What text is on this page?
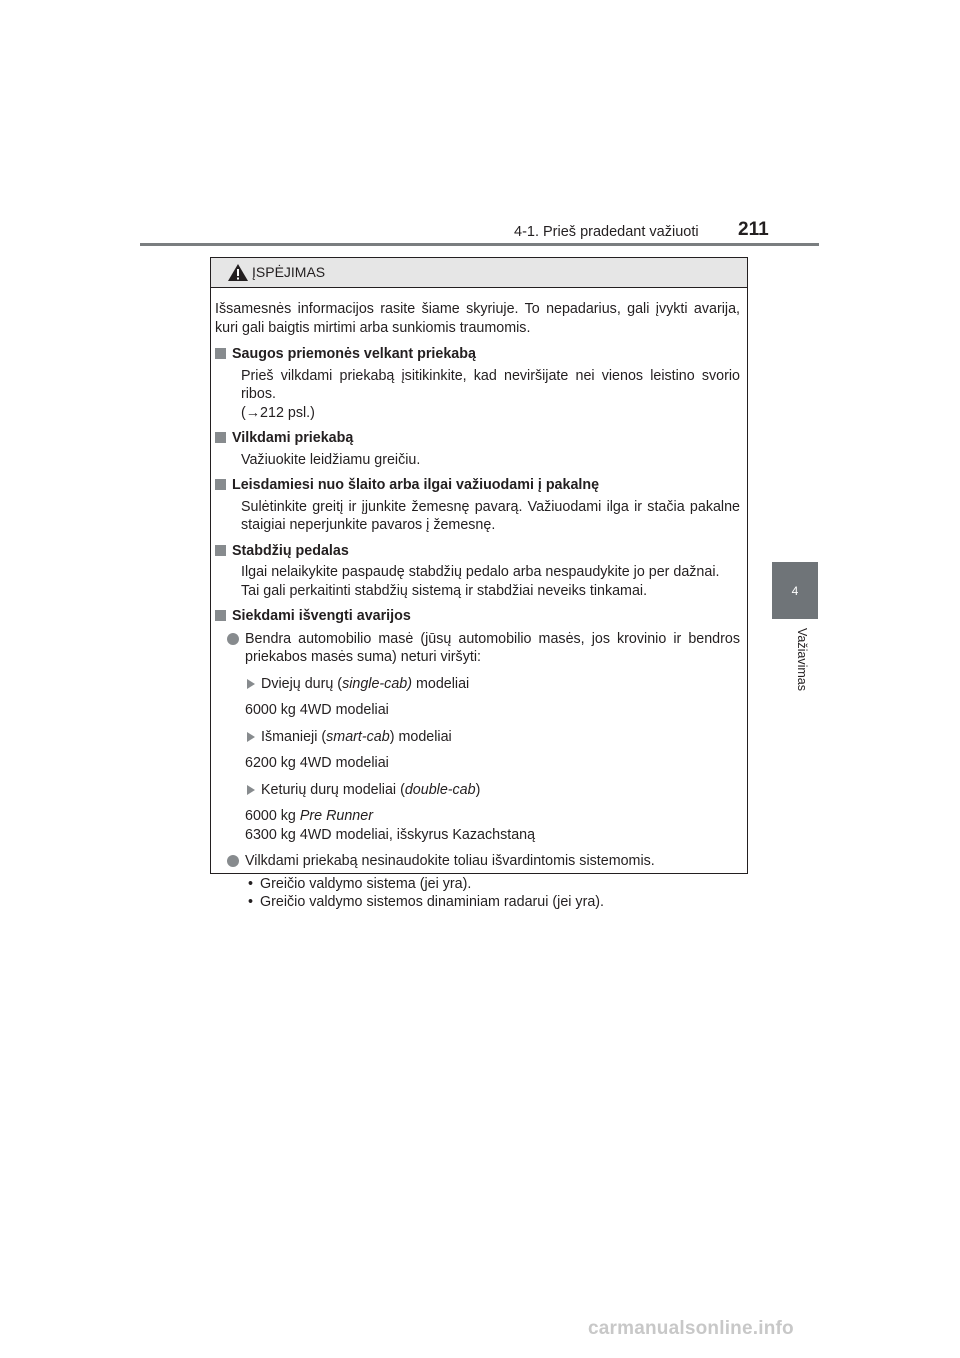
4-1. Prieš pradedant važiuoti 211
4
Važiavimas
ĮSPĖJIMAS

Išsamesnės informacijos rasite šiame skyriuje. To nepadarius, gali įvykti avarija, kuri gali baigtis mirtimi arba sunkiomis traumomis.

Saugos priemonės velkant priekabą
Prieš vilkdami priekabą įsitikinkite, kad neviršijate nei vienos leistino svorio ribos.
(→212 psl.)
Vilkdami priekabą
Važiuokite leidžiamu greičiu.
Leisdamiesi nuo šlaito arba ilgai važiuodami į pakalnę
Sulėtinkite greitį ir įjunkite žemesnę pavarą. Važiuodami ilga ir stačia pakalne staigiai neperjunkite pavaros į žemesnę.
Stabdžių pedalas
Ilgai nelaikykite paspaudę stabdžių pedalo arba nespaudykite jo per dažnai. Tai gali perkaitinti stabdžių sistemą ir stabdžiai neveiks tinkamai.
Siekdami išvengti avarijos
Bendra automobilio masė (jūsų automobilio masės, jos krovinio ir bendros priekabos masės suma) neturi viršyti:
Dviejų durų (single-cab) modeliai
6000 kg 4WD modeliai
Išmanieji (smart-cab) modeliai
6200 kg 4WD modeliai
Keturių durų modeliai (double-cab)
6000 kg Pre Runner
6300 kg 4WD modeliai, išskyrus Kazachstaną
Vilkdami priekabą nesinaudokite toliau išvardintomis sistemomis.
• Greičio valdymo sistema (jei yra).
• Greičio valdymo sistemos dinaminiam radarui (jei yra).
carmanualsonline.info
